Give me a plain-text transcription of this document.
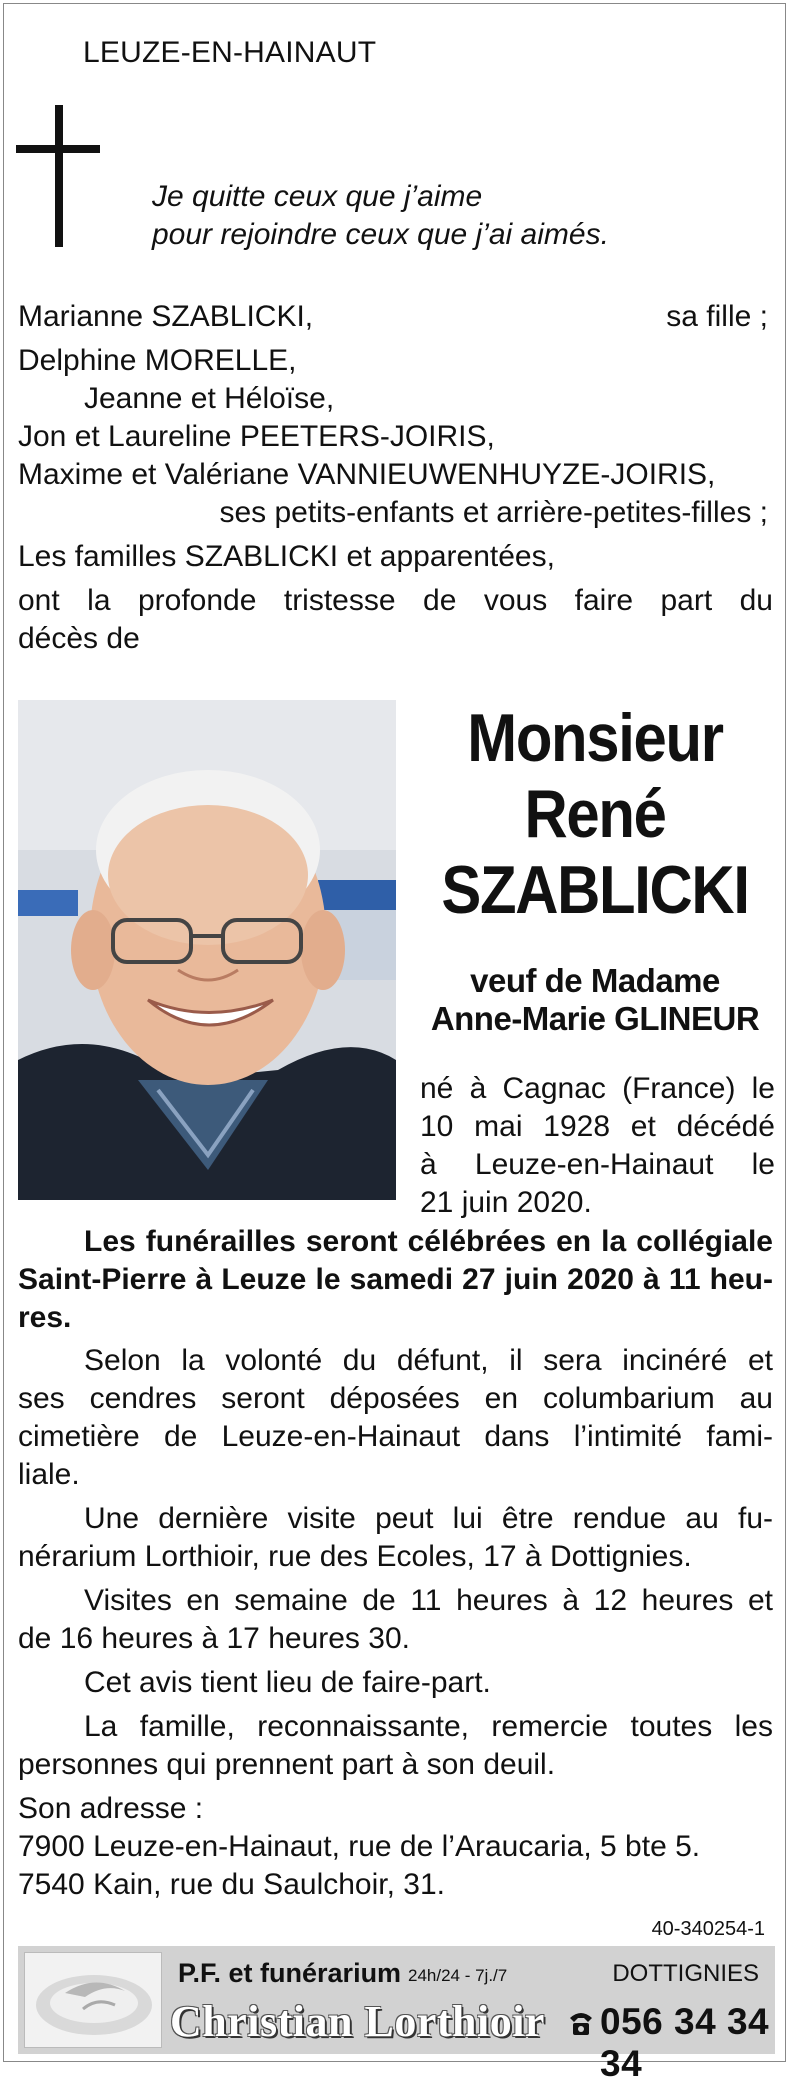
LEUZE-EN-HAINAUT
Je quitte ceux que j’aime
pour rejoindre ceux que j’ai aimés.
Marianne SZABLICKI,	sa fille ;
Delphine MORELLE,
Jeanne et Héloïse,
Jon et Laureline PEETERS-JOIRIS,
Maxime et Valériane VANNIEUWENHUYZE-JOIRIS,
ses petits-enfants et arrière-petites-filles ;
Les familles SZABLICKI et apparentées,
ont la profonde tristesse de vous faire part du
décès de
Monsieur
René
SZABLICKI
veuf de Madame
Anne-Marie GLINEUR
né à Cagnac (France) le
10 mai 1928 et décédé
à Leuze-en-Hainaut le
21 juin 2020.
Les funérailles seront célébrées en la collégiale
Saint-Pierre à Leuze le samedi 27 juin 2020 à 11 heu-
res.
Selon la volonté du défunt, il sera incinéré et
ses cendres seront déposées en columbarium au
cimetière de Leuze-en-Hainaut dans l’intimité fami-
liale.
Une dernière visite peut lui être rendue au fu-
nérarium Lorthioir, rue des Ecoles, 17 à Dottignies.
Visites en semaine de 11 heures à 12 heures et
de 16 heures à 17 heures 30.
Cet avis tient lieu de faire-part.
La famille, reconnaissante, remercie toutes les
personnes qui prennent part à son deuil.
Son adresse :
7900 Leuze-en-Hainaut, rue de l’Araucaria, 5 bte 5.
7540 Kain, rue du Saulchoir, 31.
40-340254-1
P.F. et funérarium 24h/24 - 7j./7	DOTTIGNIES
Christian Lorthioir 056 34 34 34
